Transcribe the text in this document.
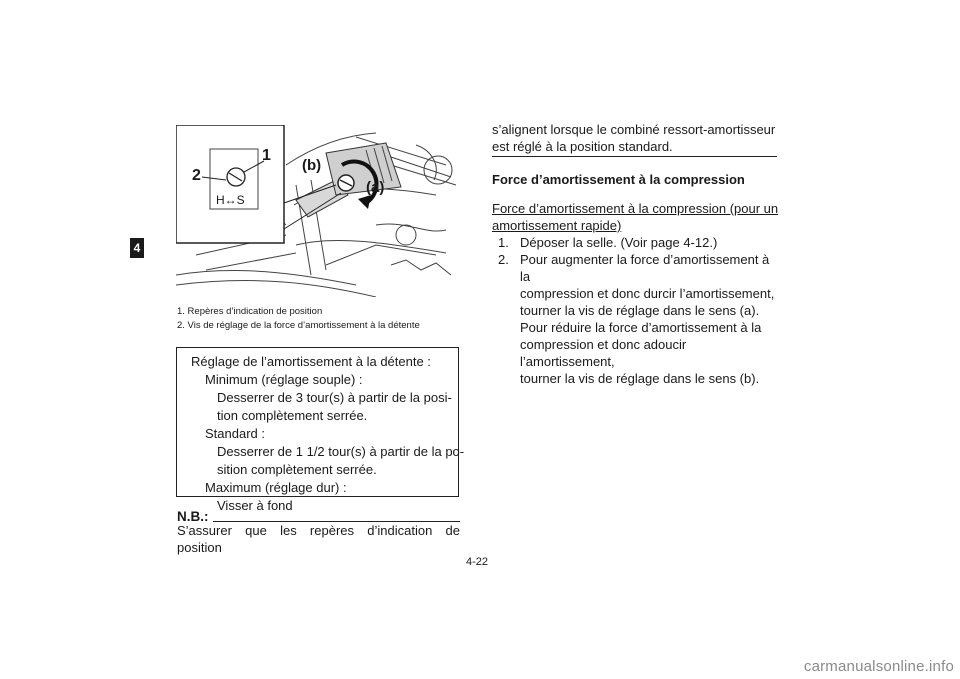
4
1
2
H↔S
(b)
(a)
1. Repères d’indication de position
2. Vis de réglage de la force d’amortissement à la détente
Réglage de l’amortissement à la détente :
Minimum (réglage souple) :
Desserrer de 3 tour(s) à partir de la posi-
tion complètement serrée.
Standard :
Desserrer de 1 1/2 tour(s) à partir de la po-
sition complètement serrée.
Maximum (réglage dur) :
Visser à fond
N.B.:
S’assurer que les repères d’indication de position
s’alignent lorsque le combiné ressort-amortisseur
est réglé à la position standard.
Force d’amortissement à la compression
Force d’amortissement à la compression (pour un
amortissement rapide)
1. Déposer la selle. (Voir page 4-12.)
2. Pour augmenter la force d’amortissement à la
compression et donc durcir l’amortissement,
tourner la vis de réglage dans le sens (a).
Pour réduire la force d’amortissement à la
compression et donc adoucir l’amortissement,
tourner la vis de réglage dans le sens (b).
4-22
carmanualsonline.info
